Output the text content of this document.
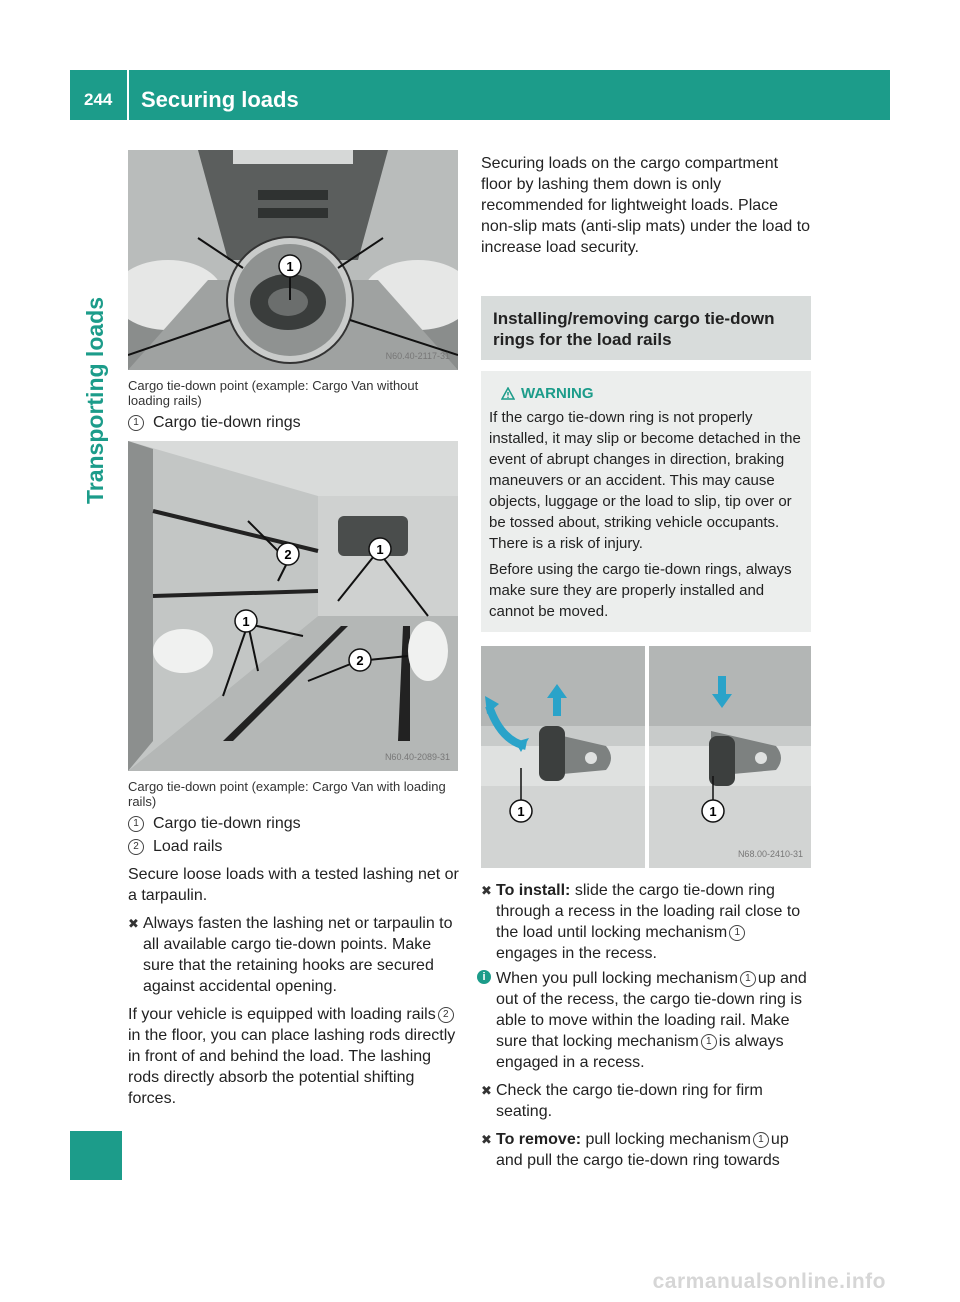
244 Securing loads
Transporting loads
1
N60.40-2117-31
Cargo tie-down point (example: Cargo Van without loading rails)
1 Cargo tie-down rings
2	1
1
2
N60.40-2089-31
Cargo tie-down point (example: Cargo Van with loading rails)
1 Cargo tie-down rings
2 Load rails

Secure loose loads with a tested lashing net or a tarpaulin.

✖ Always fasten the lashing net or tarpaulin to all available cargo tie-down points. Make sure that the retaining hooks are secured against accidental opening.

If your vehicle is equipped with loading rails 2in the floor, you can place lashing rods directly in front of and behind the load. The lashing rods directly absorb the potential shifting forces.

Securing loads on the cargo compartment floor by lashing them down is only recommended for lightweight loads. Place non-slip mats (anti-slip mats) under the load to increase load security.

Installing/removing cargo tie-down rings for the load rails
WARNING

If the cargo tie-down ring is not properly installed, it may slip or become detached in the event of abrupt changes in direction, braking maneuvers or an accident. This may cause objects, luggage or the load to slip, tip over or be tossed about, striking vehicle occupants. There is a risk of injury.

Before using the cargo tie-down rings, always make sure they are properly installed and cannot be moved.

1	1
N68.00-2410-31
✖ To install: slide the cargo tie-down ring through a recess in the loading rail close to the load until locking mechanism 1 engages in the recess.
i When you pull locking mechanism 1 up and out of the recess, the cargo tie-down ring is able to move within the loading rail. Make sure that locking mechanism 1 is always engaged in a recess.
✖ Check the cargo tie-down ring for firm seating.
✖ To remove: pull locking mechanism 1 up and pull the cargo tie-down ring towards
carmanualsonline.info
